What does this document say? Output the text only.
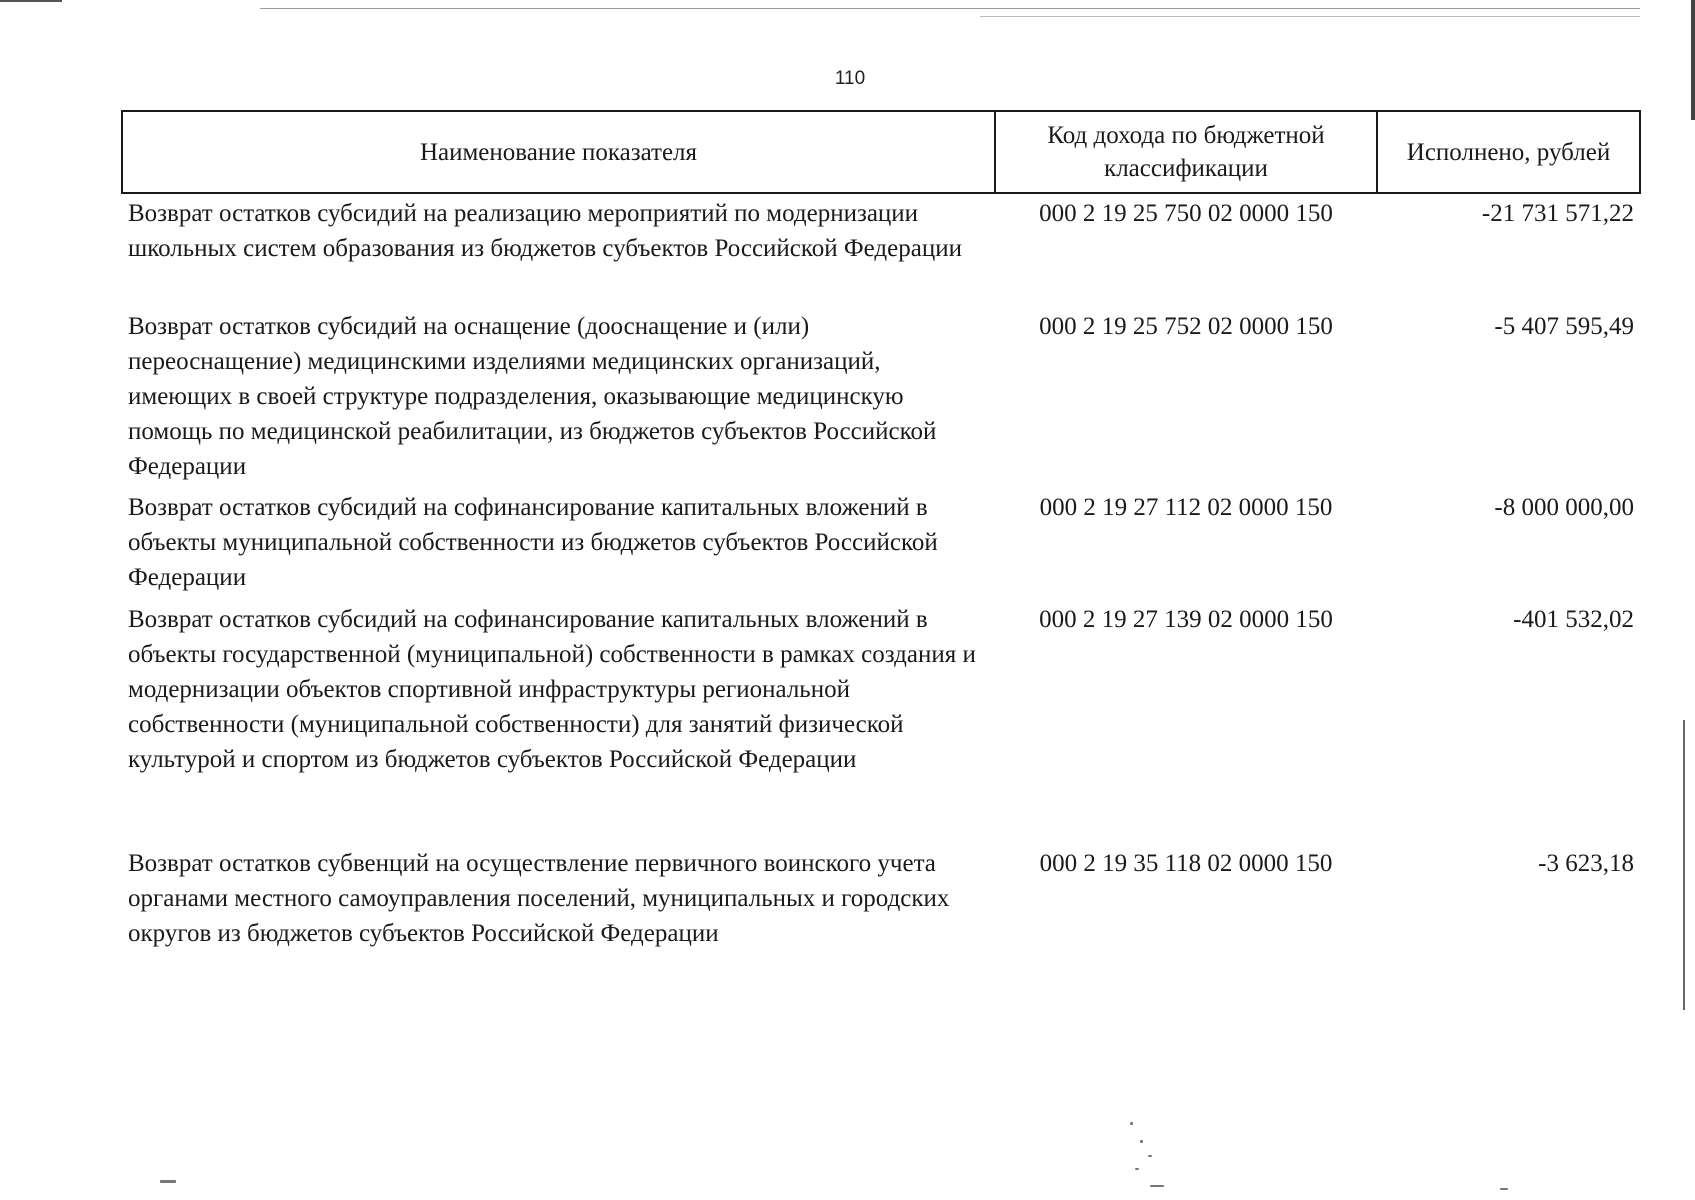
110
Наименование показателя	Код дохода по бюджетной классификации	Исполнено, рублей
Возврат остатков субсидий на реализацию мероприятий по модернизации школьных систем образования из бюджетов субъектов Российской Федерации	000 2 19 25 750 02 0000 150	-21 731 571,22
Возврат остатков субсидий на оснащение (дооснащение и (или) переоснащение) медицинскими изделиями медицинских организаций, имеющих в своей структуре подразделения, оказывающие медицинскую помощь по медицинской реабилитации, из бюджетов субъектов Российской Федерации	000 2 19 25 752 02 0000 150	-5 407 595,49
Возврат остатков субсидий на софинансирование капитальных вложений в объекты муниципальной собственности из бюджетов субъектов Российской Федерации	000 2 19 27 112 02 0000 150	-8 000 000,00
Возврат остатков субсидий на софинансирование капитальных вложений в объекты государственной (муниципальной) собственности в рамках создания и модернизации объектов спортивной инфраструктуры региональной собственности (муниципальной собственности) для занятий физической культурой и спортом из бюджетов субъектов Российской Федерации	000 2 19 27 139 02 0000 150	-401 532,02
Возврат остатков субвенций на осуществление первичного воинского учета органами местного самоуправления поселений, муниципальных и городских округов из бюджетов субъектов Российской Федерации	000 2 19 35 118 02 0000 150	-3 623,18
